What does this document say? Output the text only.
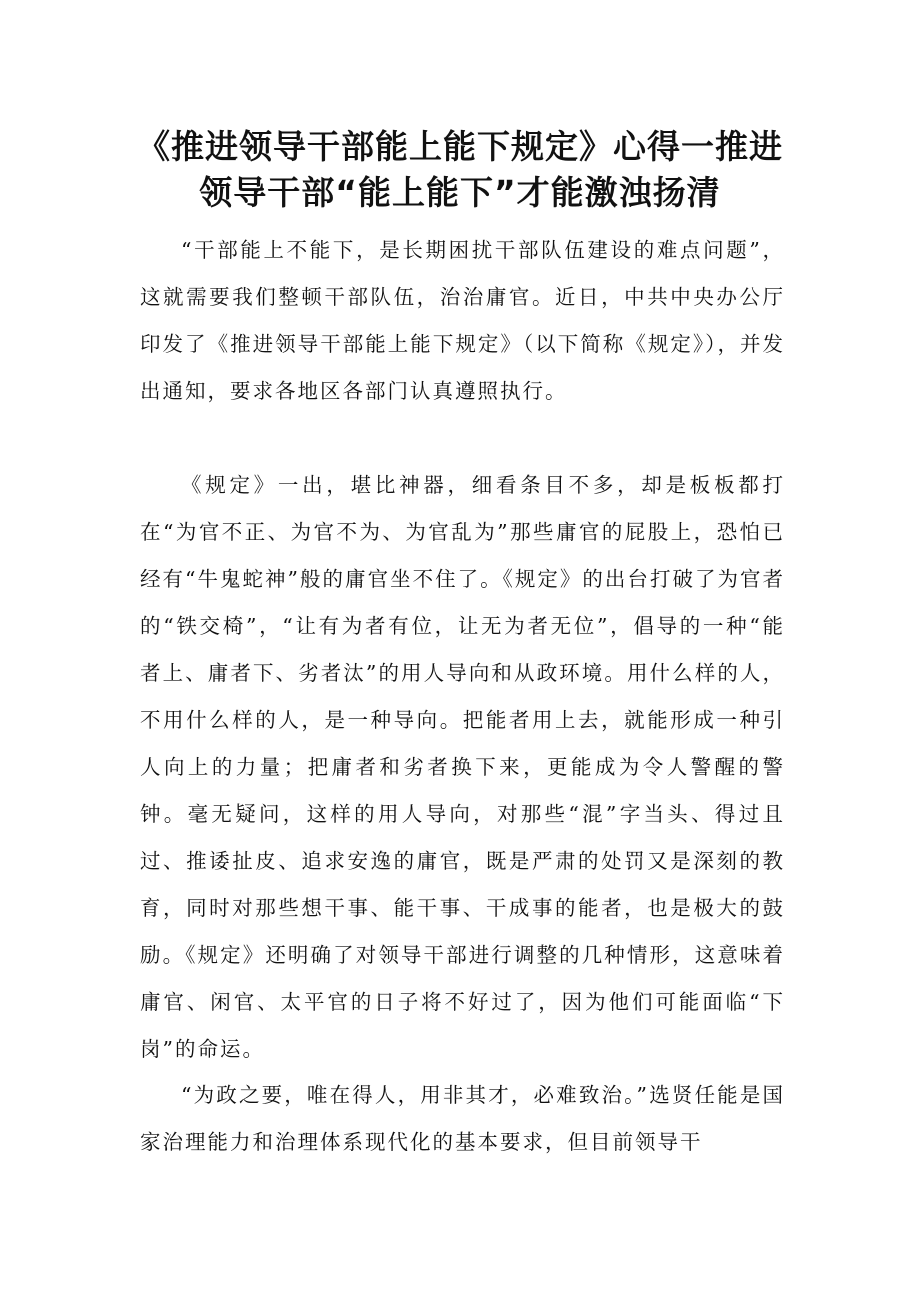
《推进领导干部能上能下规定》心得一推进
领导干部“能上能下”才能激浊扬清

“干部能上不能下，是长期困扰干部队伍建设的难点问题”，这就需要我们整顿干部队伍，治治庸官。近日，中共中央办公厅印发了《推进领导干部能上能下规定》（以下简称《规定》），并发出通知，要求各地区各部门认真遵照执行。

《规定》一出，堪比神器，细看条目不多，却是板板都打在“为官不正、为官不为、为官乱为”那些庸官的屁股上，恐怕已经有“牛鬼蛇神”般的庸官坐不住了。《规定》的出台打破了为官者的“铁交椅”，“让有为者有位，让无为者无位”，倡导的一种“能者上、庸者下、劣者汰”的用人导向和从政环境。用什么样的人，不用什么样的人，是一种导向。把能者用上去，就能形成一种引人向上的力量；把庸者和劣者换下来，更能成为令人警醒的警钟。毫无疑问，这样的用人导向，对那些“混”字当头、得过且过、推诿扯皮、追求安逸的庸官，既是严肃的处罚又是深刻的教育，同时对那些想干事、能干事、干成事的能者，也是极大的鼓励。《规定》还明确了对领导干部进行调整的几种情形，这意味着庸官、闲官、太平官的日子将不好过了，因为他们可能面临“下岗”的命运。

“为政之要，唯在得人，用非其才，必难致治。”选贤任能是国家治理能力和治理体系现代化的基本要求，但目前领导干
